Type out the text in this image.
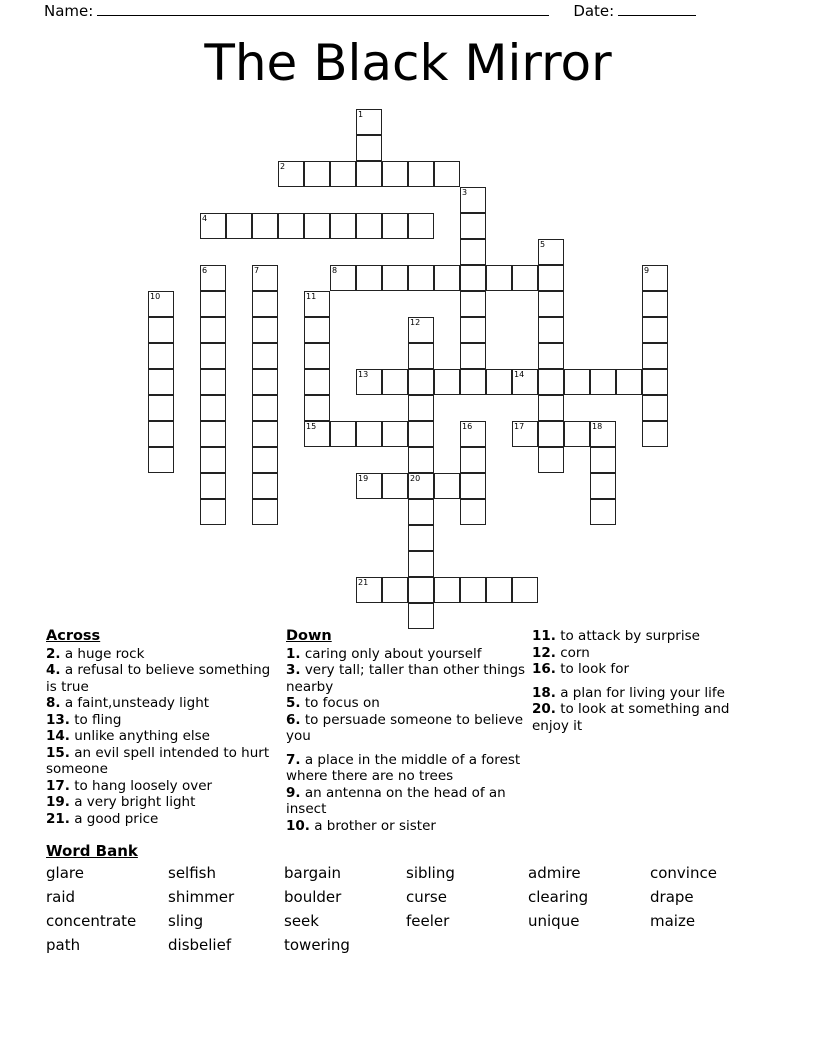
Name:	Date:
The Black Mirror
1
2
3
4
5
6	7	8	9
10	11
15
12
20
13	14
16	17	18
19
21
Across
2. a huge rock
4. a refusal to believe something is true
8. a faint,unsteady light
13. to fling
14. unlike anything else
15. an evil spell intended to hurt someone
17. to hang loosely over
19. a very bright light
21. a good price
Down
1. caring only about yourself
3. very tall; taller than other things nearby
5. to focus on
6. to persuade someone to believe you
7. a place in the middle of a forest where there are no trees
9. an antenna on the head of an insect
10. a brother or sister
11. to attack by surprise
12. corn
16. to look for
18. a plan for living your life
20. to look at something and enjoy it
Word Bank
glare	selfish	bargain	sibling	admire	convince
raid	shimmer	boulder	curse	clearing	drape
concentrate	sling	seek	feeler	unique	maize
path	disbelief	towering
